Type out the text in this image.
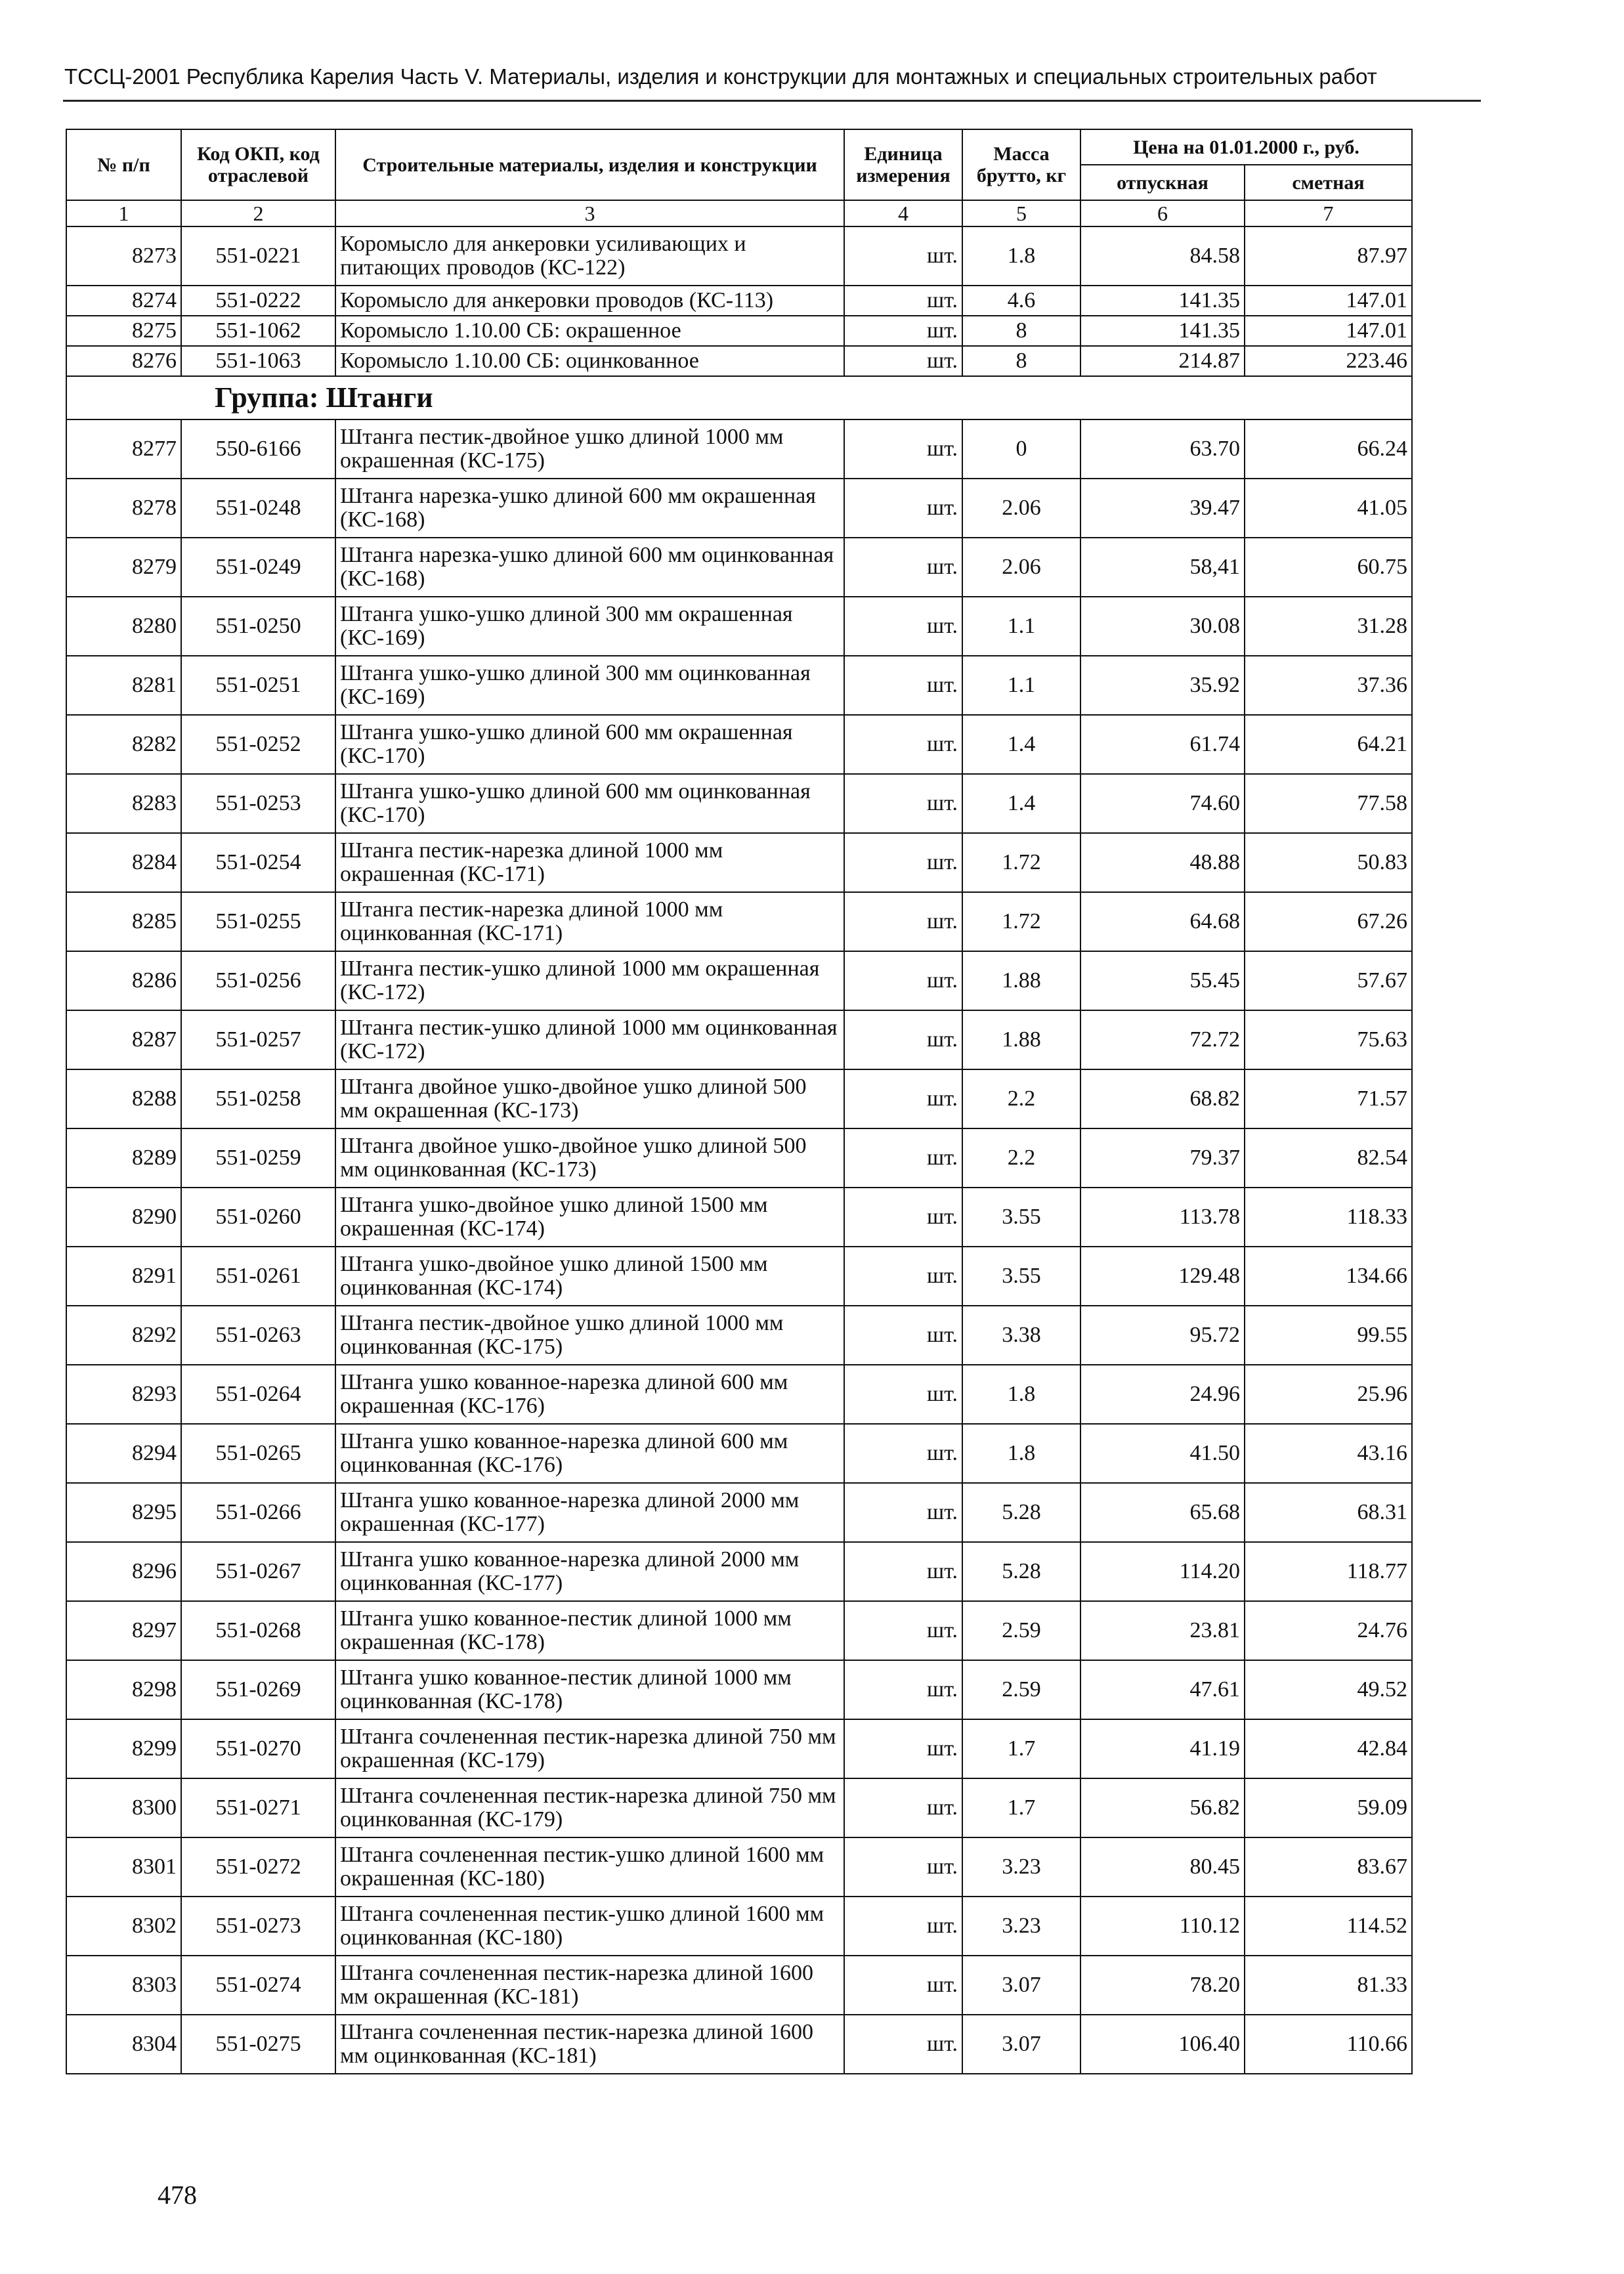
ТССЦ-2001 Республика Карелия Часть V. Материалы, изделия и конструкции для монтажных и специальных строительных работ
№ п/п	Код ОКП, код отраслевой	Строительные материалы, изделия и конструкции	Единица измерения	Масса брутто, кг	Цена на 01.01.2000 г., руб.	
					отпускная	сметная
1	2	3	4	5	6	7
8273	551-0221	Коромысло для анкеровки усиливающих и питающих проводов (КС-122)	шт.	1.8	84.58	87.97
8274	551-0222	Коромысло для анкеровки проводов (КС-113)	шт.	4.6	141.35	147.01
8275	551-1062	Коромысло 1.10.00 СБ: окрашенное	шт.	8	141.35	147.01
8276	551-1063	Коромысло 1.10.00 СБ: оцинкованное	шт.	8	214.87	223.46
Группа: Штанги						
8277	550-6166	Штанга пестик-двойное ушко длиной 1000 мм окрашенная (КС-175)	шт.	0	63.70	66.24
8278	551-0248	Штанга нарезка-ушко длиной 600 мм окрашенная (КС-168)	шт.	2.06	39.47	41.05
8279	551-0249	Штанга нарезка-ушко длиной 600 мм оцинкованная (КС-168)	шт.	2.06	58,41	60.75
8280	551-0250	Штанга ушко-ушко длиной 300 мм окрашенная (КС-169)	шт.	1.1	30.08	31.28
8281	551-0251	Штанга ушко-ушко длиной 300 мм оцинкованная (КС-169)	шт.	1.1	35.92	37.36
8282	551-0252	Штанга ушко-ушко длиной 600 мм окрашенная (КС-170)	шт.	1.4	61.74	64.21
8283	551-0253	Штанга ушко-ушко длиной 600 мм оцинкованная (КС-170)	шт.	1.4	74.60	77.58
8284	551-0254	Штанга пестик-нарезка длиной 1000 мм окрашенная (КС-171)	шт.	1.72	48.88	50.83
8285	551-0255	Штанга пестик-нарезка длиной 1000 мм оцинкованная (КС-171)	шт.	1.72	64.68	67.26
8286	551-0256	Штанга пестик-ушко длиной 1000 мм окрашенная (КС-172)	шт.	1.88	55.45	57.67
8287	551-0257	Штанга пестик-ушко длиной 1000 мм оцинкованная (КС-172)	шт.	1.88	72.72	75.63
8288	551-0258	Штанга двойное ушко-двойное ушко длиной 500 мм окрашенная (КС-173)	шт.	2.2	68.82	71.57
8289	551-0259	Штанга двойное ушко-двойное ушко длиной 500 мм оцинкованная (КС-173)	шт.	2.2	79.37	82.54
8290	551-0260	Штанга ушко-двойное ушко длиной 1500 мм окрашенная (КС-174)	шт.	3.55	113.78	118.33
8291	551-0261	Штанга ушко-двойное ушко длиной 1500 мм оцинкованная (КС-174)	шт.	3.55	129.48	134.66
8292	551-0263	Штанга пестик-двойное ушко длиной 1000 мм оцинкованная (КС-175)	шт.	3.38	95.72	99.55
8293	551-0264	Штанга ушко кованное-нарезка длиной 600 мм окрашенная (КС-176)	шт.	1.8	24.96	25.96
8294	551-0265	Штанга ушко кованное-нарезка длиной 600 мм оцинкованная (КС-176)	шт.	1.8	41.50	43.16
8295	551-0266	Штанга ушко кованное-нарезка длиной 2000 мм окрашенная (КС-177)	шт.	5.28	65.68	68.31
8296	551-0267	Штанга ушко кованное-нарезка длиной 2000 мм оцинкованная (КС-177)	шт.	5.28	114.20	118.77
8297	551-0268	Штанга ушко кованное-пестик длиной 1000 мм окрашенная (КС-178)	шт.	2.59	23.81	24.76
8298	551-0269	Штанга ушко кованное-пестик длиной 1000 мм оцинкованная (КС-178)	шт.	2.59	47.61	49.52
8299	551-0270	Штанга сочлененная пестик-нарезка длиной 750 мм окрашенная (КС-179)	шт.	1.7	41.19	42.84
8300	551-0271	Штанга сочлененная пестик-нарезка длиной 750 мм оцинкованная (КС-179)	шт.	1.7	56.82	59.09
8301	551-0272	Штанга сочлененная пестик-ушко длиной 1600 мм окрашенная (КС-180)	шт.	3.23	80.45	83.67
8302	551-0273	Штанга сочлененная пестик-ушко длиной 1600 мм оцинкованная (КС-180)	шт.	3.23	110.12	114.52
8303	551-0274	Штанга сочлененная пестик-нарезка длиной 1600 мм окрашенная (КС-181)	шт.	3.07	78.20	81.33
8304	551-0275	Штанга сочлененная пестик-нарезка длиной 1600 мм оцинкованная (КС-181)	шт.	3.07	106.40	110.66
478
